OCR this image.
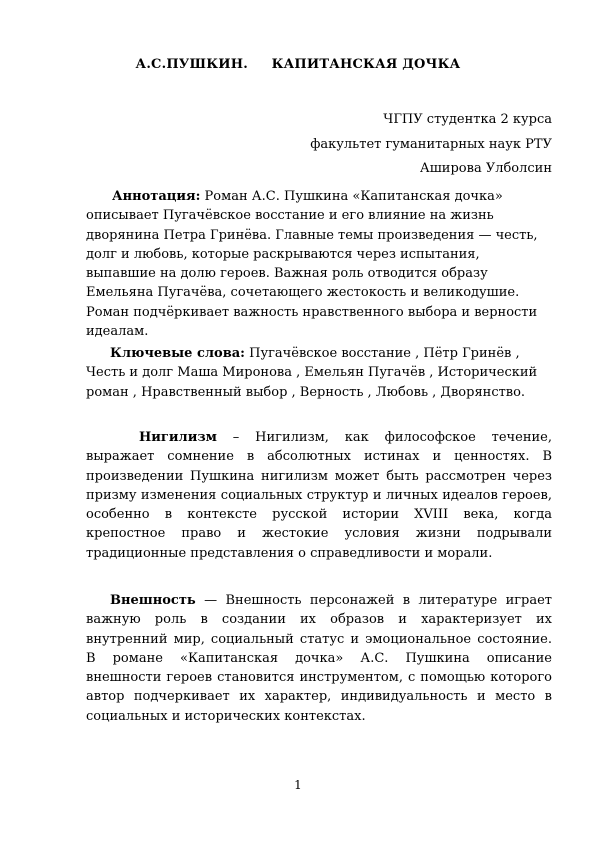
А.С.ПУШКИН.     КАПИТАНСКАЯ ДОЧКА
ЧГПУ студентка 2 курса
факультет гуманитарных наук РТУ
Аширова Улболсин
Аннотация: Роман А.С. Пушкина «Капитанская дочка» описывает Пугачёвское восстание и его влияние на жизнь дворянина Петра Гринёва. Главные темы произведения — честь, долг и любовь, которые раскрываются через испытания, выпавшие на долю героев. Важная роль отводится образу Емельяна Пугачёва, сочетающего жестокость и великодушие. Роман подчёркивает важность нравственного выбора и верности идеалам.
Ключевые слова: Пугачёвское восстание , Пётр Гринёв , Честь и долг Маша Миронова , Емельян Пугачёв , Исторический роман , Нравственный выбор , Верность , Любовь , Дворянство.
Нигилизм – Нигилизм, как философское течение, выражает сомнение в абсолютных истинах и ценностях. В произведении Пушкина нигилизм может быть рассмотрен через призму изменения социальных структур и личных идеалов героев, особенно в контексте русской истории XVIII века, когда крепостное право и жестокие условия жизни подрывали традиционные представления о справедливости и морали.
Внешность — Внешность персонажей в литературе играет важную роль в создании их образов и характеризует их внутренний мир, социальный статус и эмоциональное состояние. В романе «Капитанская дочка» А.С. Пушкина описание внешности героев становится инструментом, с помощью которого автор подчеркивает их характер, индивидуальность и место в социальных и исторических контекстах.
1
